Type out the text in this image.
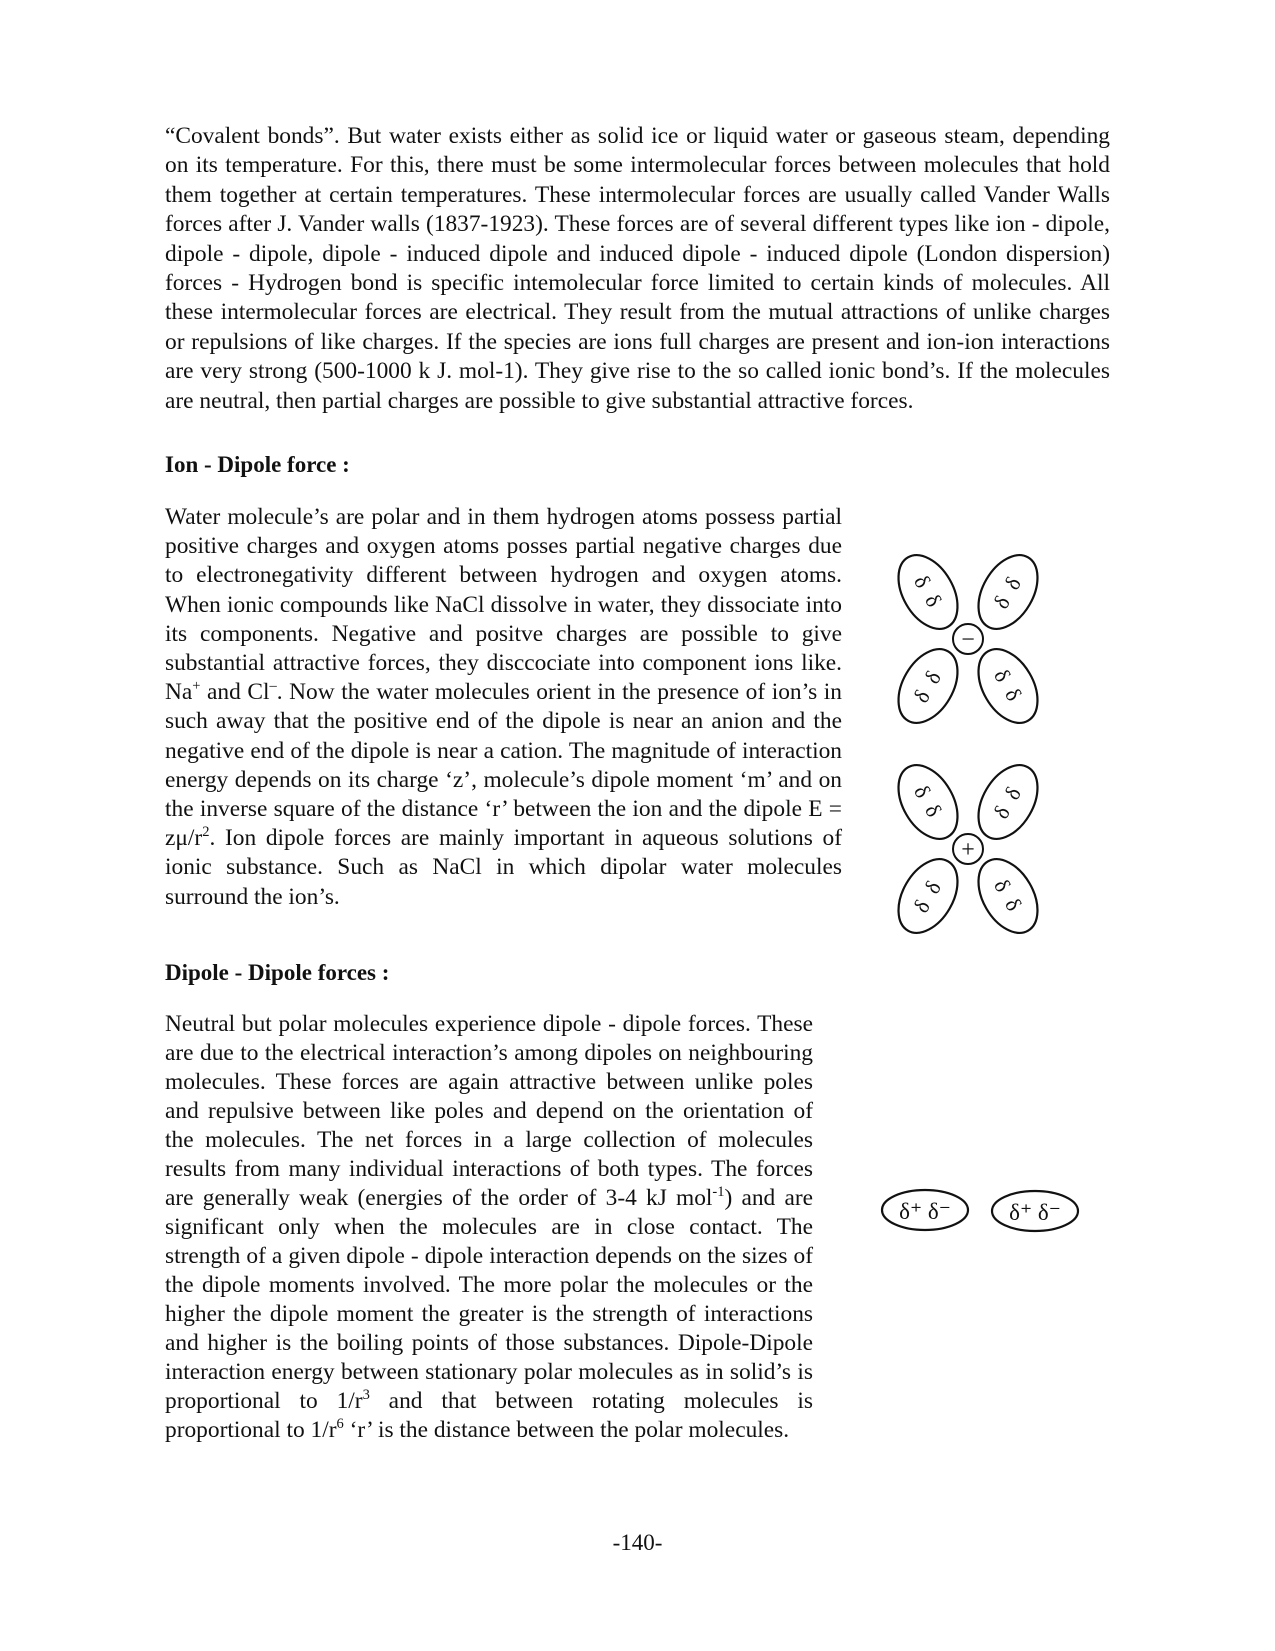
“Covalent bonds”. But water exists either as solid ice or liquid water or gaseous steam, depending on its temperature. For this, there must be some intermolecular forces between molecules that hold them together at certain temperatures. These intermolecular forces are usually called Vander Walls forces after J. Vander walls (1837-1923). These forces are of several different types like ion - dipole, dipole - dipole, dipole - induced dipole and induced dipole - induced dipole (London dispersion) forces - Hydrogen bond is specific intemolecular force limited to certain kinds of molecules. All these intermolecular forces are electrical. They result from the mutual attractions of unlike charges or repulsions of like charges. If the species are ions full charges are present and ion-ion interactions are very strong (500-1000 k J. mol-1). They give rise to the so called ionic bond’s. If the molecules are neutral, then partial charges are possible to give substantial attractive forces.

Ion - Dipole force :

Water molecule’s are polar and in them hydrogen atoms possess partial positive charges and oxygen atoms posses partial negative charges due to electronegativity different between hydrogen and oxygen atoms. When ionic compounds like NaCl dissolve in water, they dissociate into its components. Negative and positve charges are possible to give substantial attractive forces, they disccociate into component ions like. Na+ and Cl–. Now the water molecules orient in the presence of ion’s in such away that the positive end of the dipole is near an anion and the negative end of the dipole is near a cation. The magnitude of interaction energy depends on its charge ‘z’, molecule’s dipole moment ‘m’ and on the inverse square of the distance ‘r’ between the ion and the dipole $E = z\mu/r^2$. Ion dipole forces are mainly important in aqueous solutions of ionic substance. Such as NaCl in which dipolar water molecules surround the ion’s.

δ
δ δ
δ
δ
δ δ
δ
−
δ
δ δ
δ
δ
δ δ
δ
+
Dipole - Dipole forces :

Neutral but polar molecules experience dipole - dipole forces. These are due to the electrical interaction’s among dipoles on neighbouring molecules. These forces are again attractive between unlike poles and repulsive between like poles and depend on the orientation of the molecules. The net forces in a large collection of molecules results from many individual interactions of both types. The forces are generally weak (energies of the order of 3-4 kJ mol$^{-1}$) and are significant only when the molecules are in close contact. The strength of a given dipole - dipole interaction depends on the sizes of the dipole moments involved. The more polar the molecules or the higher the dipole moment the greater is the strength of interactions and higher is the boiling points of those substances. Dipole-Dipole interaction energy between stationary polar molecules as in solid’s is proportional to $1/r^3$ and that between rotating molecules is proportional to $1/r^6$ ‘r’ is the distance between the polar molecules.

δ⁺ δ⁻	δ⁺ δ⁻
-140-
